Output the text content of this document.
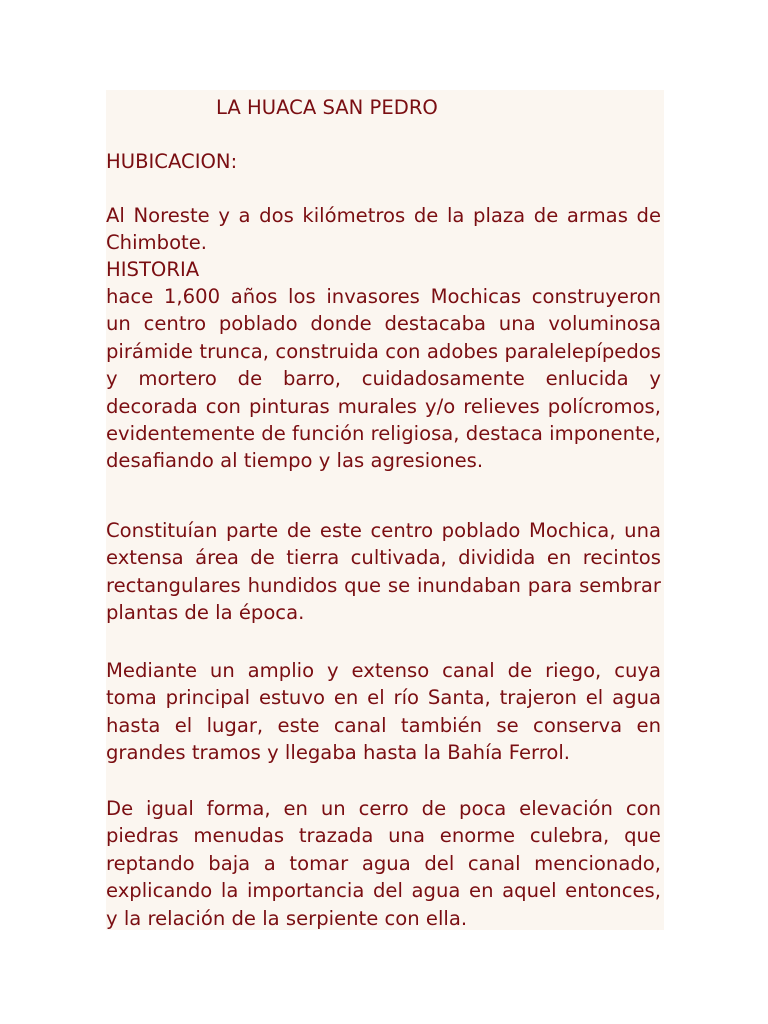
LA HUACA SAN PEDRO

HUBICACION:

Al Noreste y a dos kilómetros de la plaza de armas de Chimbote.

HISTORIA

hace 1,600 años los invasores Mochicas construyeron un centro poblado donde destacaba una voluminosa pirámide trunca, construida con adobes paralelepípedos y mortero de barro, cuidadosamente enlucida y decorada con pinturas murales y/o relieves polícromos, evidentemente de función religiosa, destaca imponente, desafiando al tiempo y las agresiones.

Constituían parte de este centro poblado Mochica, una extensa área de tierra cultivada, dividida en recintos rectangulares hundidos que se inundaban para sembrar plantas de la época.

Mediante un amplio y extenso canal de riego, cuya toma principal estuvo en el río Santa, trajeron el agua hasta el lugar, este canal también se conserva en grandes tramos y llegaba hasta la Bahía Ferrol.

De igual forma, en un cerro de poca elevación con piedras menudas trazada una enorme culebra, que reptando baja a tomar agua del canal mencionado, explicando la importancia del agua en aquel entonces, y la relación de la serpiente con ella.
